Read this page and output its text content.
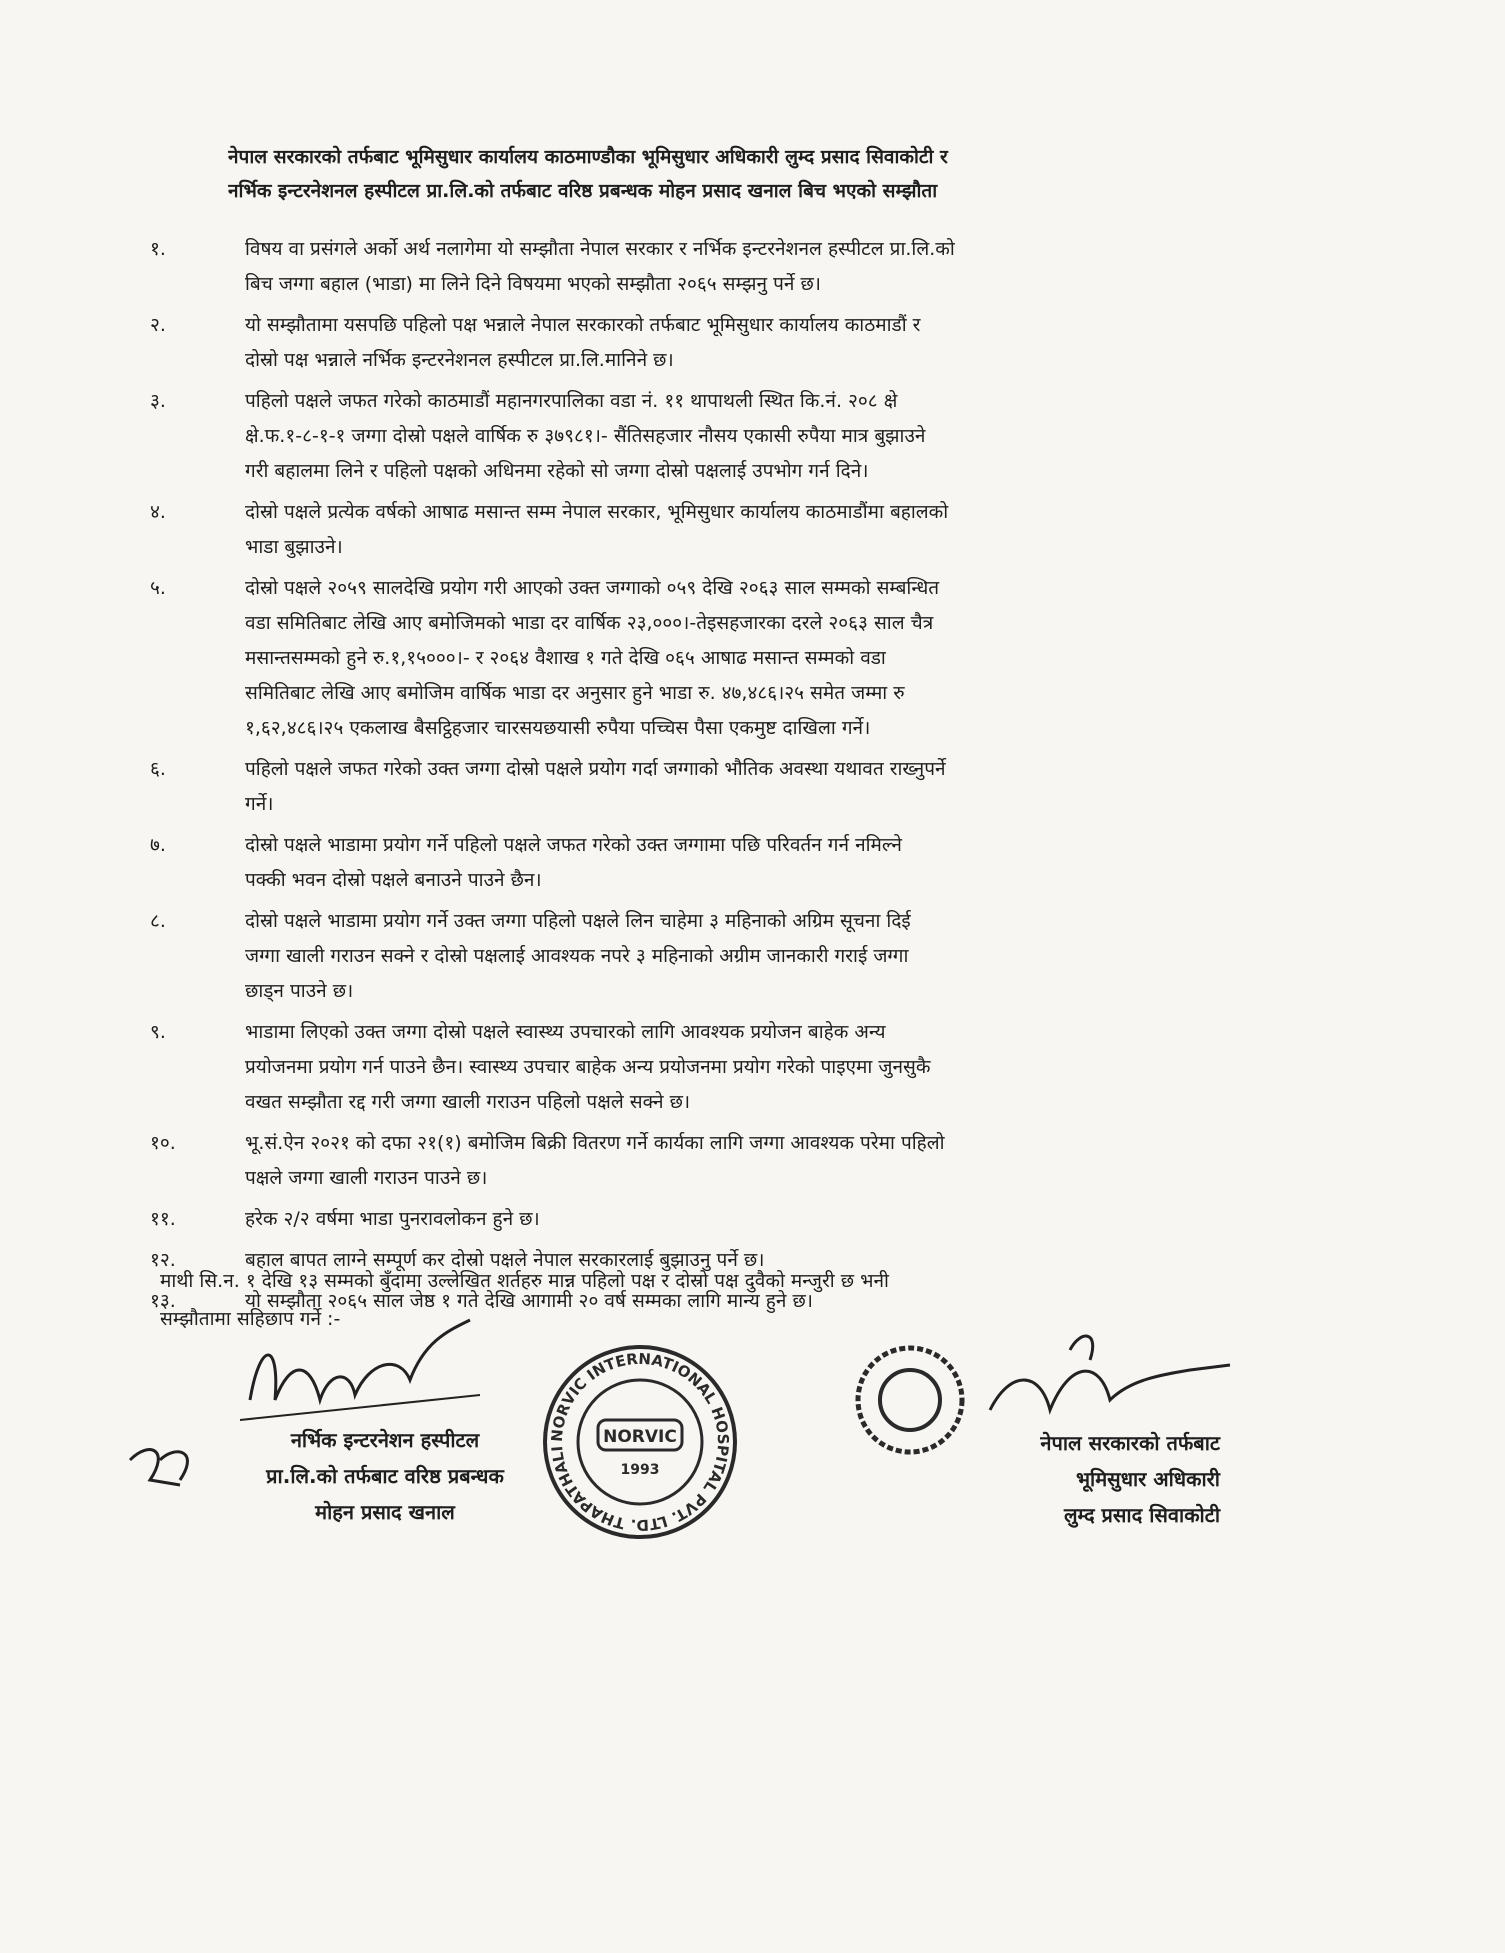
नेपाल सरकारको तर्फबाट भूमिसुधार कार्यालय काठमाण्डौका भूमिसुधार अधिकारी लुम्द प्रसाद सिवाकोटी र
नर्भिक इन्टरनेशनल हस्पीटल प्रा.लि.को तर्फबाट वरिष्ठ प्रबन्धक मोहन प्रसाद खनाल बिच भएको सम्झौता
१.	विषय वा प्रसंगले अर्को अर्थ नलागेमा यो सम्झौता नेपाल सरकार र नर्भिक इन्टरनेशनल हस्पीटल प्रा.लि.को
बिच जग्गा बहाल (भाडा) मा लिने दिने विषयमा भएको सम्झौता २०६५ सम्झनु पर्ने छ।
२.	यो सम्झौतामा यसपछि पहिलो पक्ष भन्नाले नेपाल सरकारको तर्फबाट भूमिसुधार कार्यालय काठमाडौं र
दोस्रो पक्ष भन्नाले नर्भिक इन्टरनेशनल हस्पीटल प्रा.लि.मानिने छ।
३.	पहिलो पक्षले जफत गरेको काठमाडौं महानगरपालिका वडा नं. ११ थापाथली स्थित कि.नं. २०८ क्षे
क्षे.फ.१-८-१-१ जग्गा दोस्रो पक्षले वार्षिक रु ३७९८१।- सैंतिसहजार नौसय एकासी रुपैया मात्र बुझाउने
गरी बहालमा लिने र पहिलो पक्षको अधिनमा रहेको सो जग्गा दोस्रो पक्षलाई उपभोग गर्न दिने।
४.	दोस्रो पक्षले प्रत्येक वर्षको आषाढ मसान्त सम्म नेपाल सरकार, भूमिसुधार कार्यालय काठमाडौंमा बहालको
भाडा बुझाउने।
५.	दोस्रो पक्षले २०५९ सालदेखि प्रयोग गरी आएको उक्त जग्गाको ०५९ देखि २०६३ साल सम्मको सम्बन्धित
वडा समितिबाट लेखि आए बमोजिमको भाडा दर वार्षिक २३,०००।-तेइसहजारका दरले २०६३ साल चैत्र
मसान्तसम्मको हुने रु.१,१५०००।- र २०६४ वैशाख १ गते देखि ०६५ आषाढ मसान्त सम्मको वडा
समितिबाट लेखि आए बमोजिम वार्षिक भाडा दर अनुसार हुने भाडा रु. ४७,४८६।२५ समेत जम्मा रु
१,६२,४८६।२५ एकलाख बैसट्ठिहजार चारसयछयासी रुपैया पच्चिस पैसा एकमुष्ट दाखिला गर्ने।
६.	पहिलो पक्षले जफत गरेको उक्त जग्गा दोस्रो पक्षले प्रयोग गर्दा जग्गाको भौतिक अवस्था यथावत राख्नुपर्ने
गर्ने।
७.	दोस्रो पक्षले भाडामा प्रयोग गर्ने पहिलो पक्षले जफत गरेको उक्त जग्गामा पछि परिवर्तन गर्न नमिल्ने
पक्की भवन दोस्रो पक्षले बनाउने पाउने छैन।
८.	दोस्रो पक्षले भाडामा प्रयोग गर्ने उक्त जग्गा पहिलो पक्षले लिन चाहेमा ३ महिनाको अग्रिम सूचना दिई
जग्गा खाली गराउन सक्ने र दोस्रो पक्षलाई आवश्यक नपरे ३ महिनाको अग्रीम जानकारी गराई जग्गा
छाड्न पाउने छ।
९.	भाडामा लिएको उक्त जग्गा दोस्रो पक्षले स्वास्थ्य उपचारको लागि आवश्यक प्रयोजन बाहेक अन्य
प्रयोजनमा प्रयोग गर्न पाउने छैन। स्वास्थ्य उपचार बाहेक अन्य प्रयोजनमा प्रयोग गरेको पाइएमा जुनसुकै
वखत सम्झौता रद्द गरी जग्गा खाली गराउन पहिलो पक्षले सक्ने छ।
१०.	भू.सं.ऐन २०२१ को दफा २१(१) बमोजिम बिक्री वितरण गर्ने कार्यका लागि जग्गा आवश्यक परेमा पहिलो
पक्षले जग्गा खाली गराउन पाउने छ।
११.	हरेक २/२ वर्षमा भाडा पुनरावलोकन हुने छ।
१२.	बहाल बापत लाग्ने सम्पूर्ण कर दोस्रो पक्षले नेपाल सरकारलाई बुझाउनु पर्ने छ।
१३.	यो सम्झौता २०६५ साल जेष्ठ १ गते देखि आगामी २० वर्ष सम्मका लागि मान्य हुने छ।
माथी सि.न. १ देखि १३ सम्मको बुँदामा उल्लेखित शर्तहरु मान्न पहिलो पक्ष र दोस्रो पक्ष दुवैको मन्जुरी छ भनी
सम्झौतामा सहिछाप गर्ने :-
नर्भिक इन्टरनेशन हस्पीटल
प्रा.लि.को तर्फबाट वरिष्ठ प्रबन्धक
मोहन प्रसाद खनाल
NORVIC INTERNATIONAL HOSPITAL PVT. LTD. THAPATHALI
NORVIC
1993
नेपाल सरकारको तर्फबाट
भूमिसुधार अधिकारी
लुम्द प्रसाद सिवाकोटी
